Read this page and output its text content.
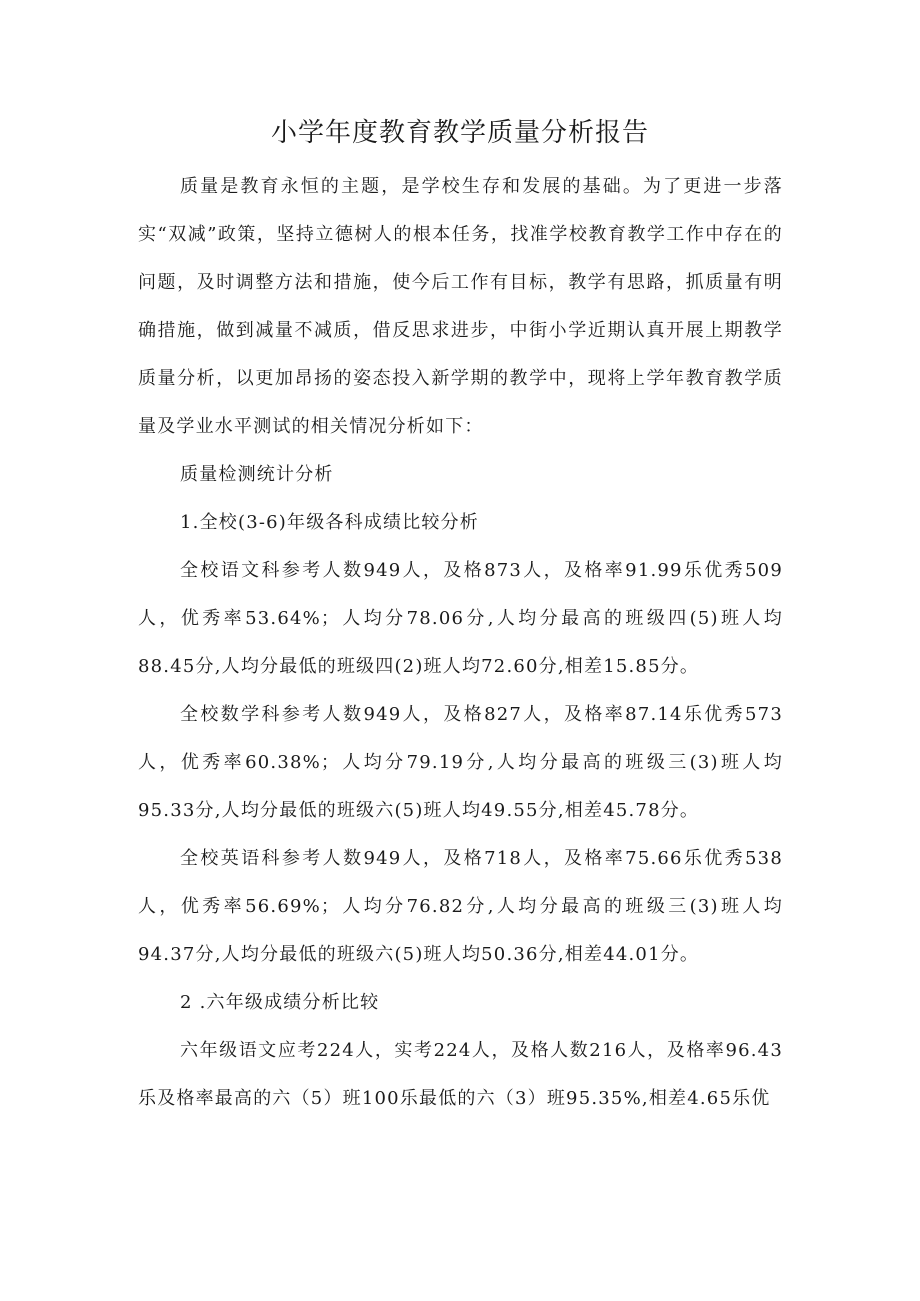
小学年度教育教学质量分析报告

质量是教育永恒的主题，是学校生存和发展的基础。为了更进一步落实“双减”政策，坚持立德树人的根本任务，找准学校教育教学工作中存在的问题，及时调整方法和措施，使今后工作有目标，教学有思路，抓质量有明确措施，做到减量不减质，借反思求进步，中街小学近期认真开展上期教学质量分析，以更加昂扬的姿态投入新学期的教学中，现将上学年教育教学质量及学业水平测试的相关情况分析如下：

质量检测统计分析

1.全校(3-6)年级各科成绩比较分析

全校语文科参考人数949人，及格873人，及格率91.99乐优秀509人，优秀率53.64%；人均分78.06分,人均分最高的班级四(5)班人均88.45分,人均分最低的班级四(2)班人均72.60分,相差15.85分。

全校数学科参考人数949人，及格827人，及格率87.14乐优秀573人，优秀率60.38%；人均分79.19分,人均分最高的班级三(3)班人均95.33分,人均分最低的班级六(5)班人均49.55分,相差45.78分。

全校英语科参考人数949人，及格718人，及格率75.66乐优秀538人，优秀率56.69%；人均分76.82分,人均分最高的班级三(3)班人均94.37分,人均分最低的班级六(5)班人均50.36分,相差44.01分。

2 .六年级成绩分析比较

六年级语文应考224人，实考224人，及格人数216人，及格率96.43乐及格率最高的六（5）班100乐最低的六（3）班95.35%,相差4.65乐优
